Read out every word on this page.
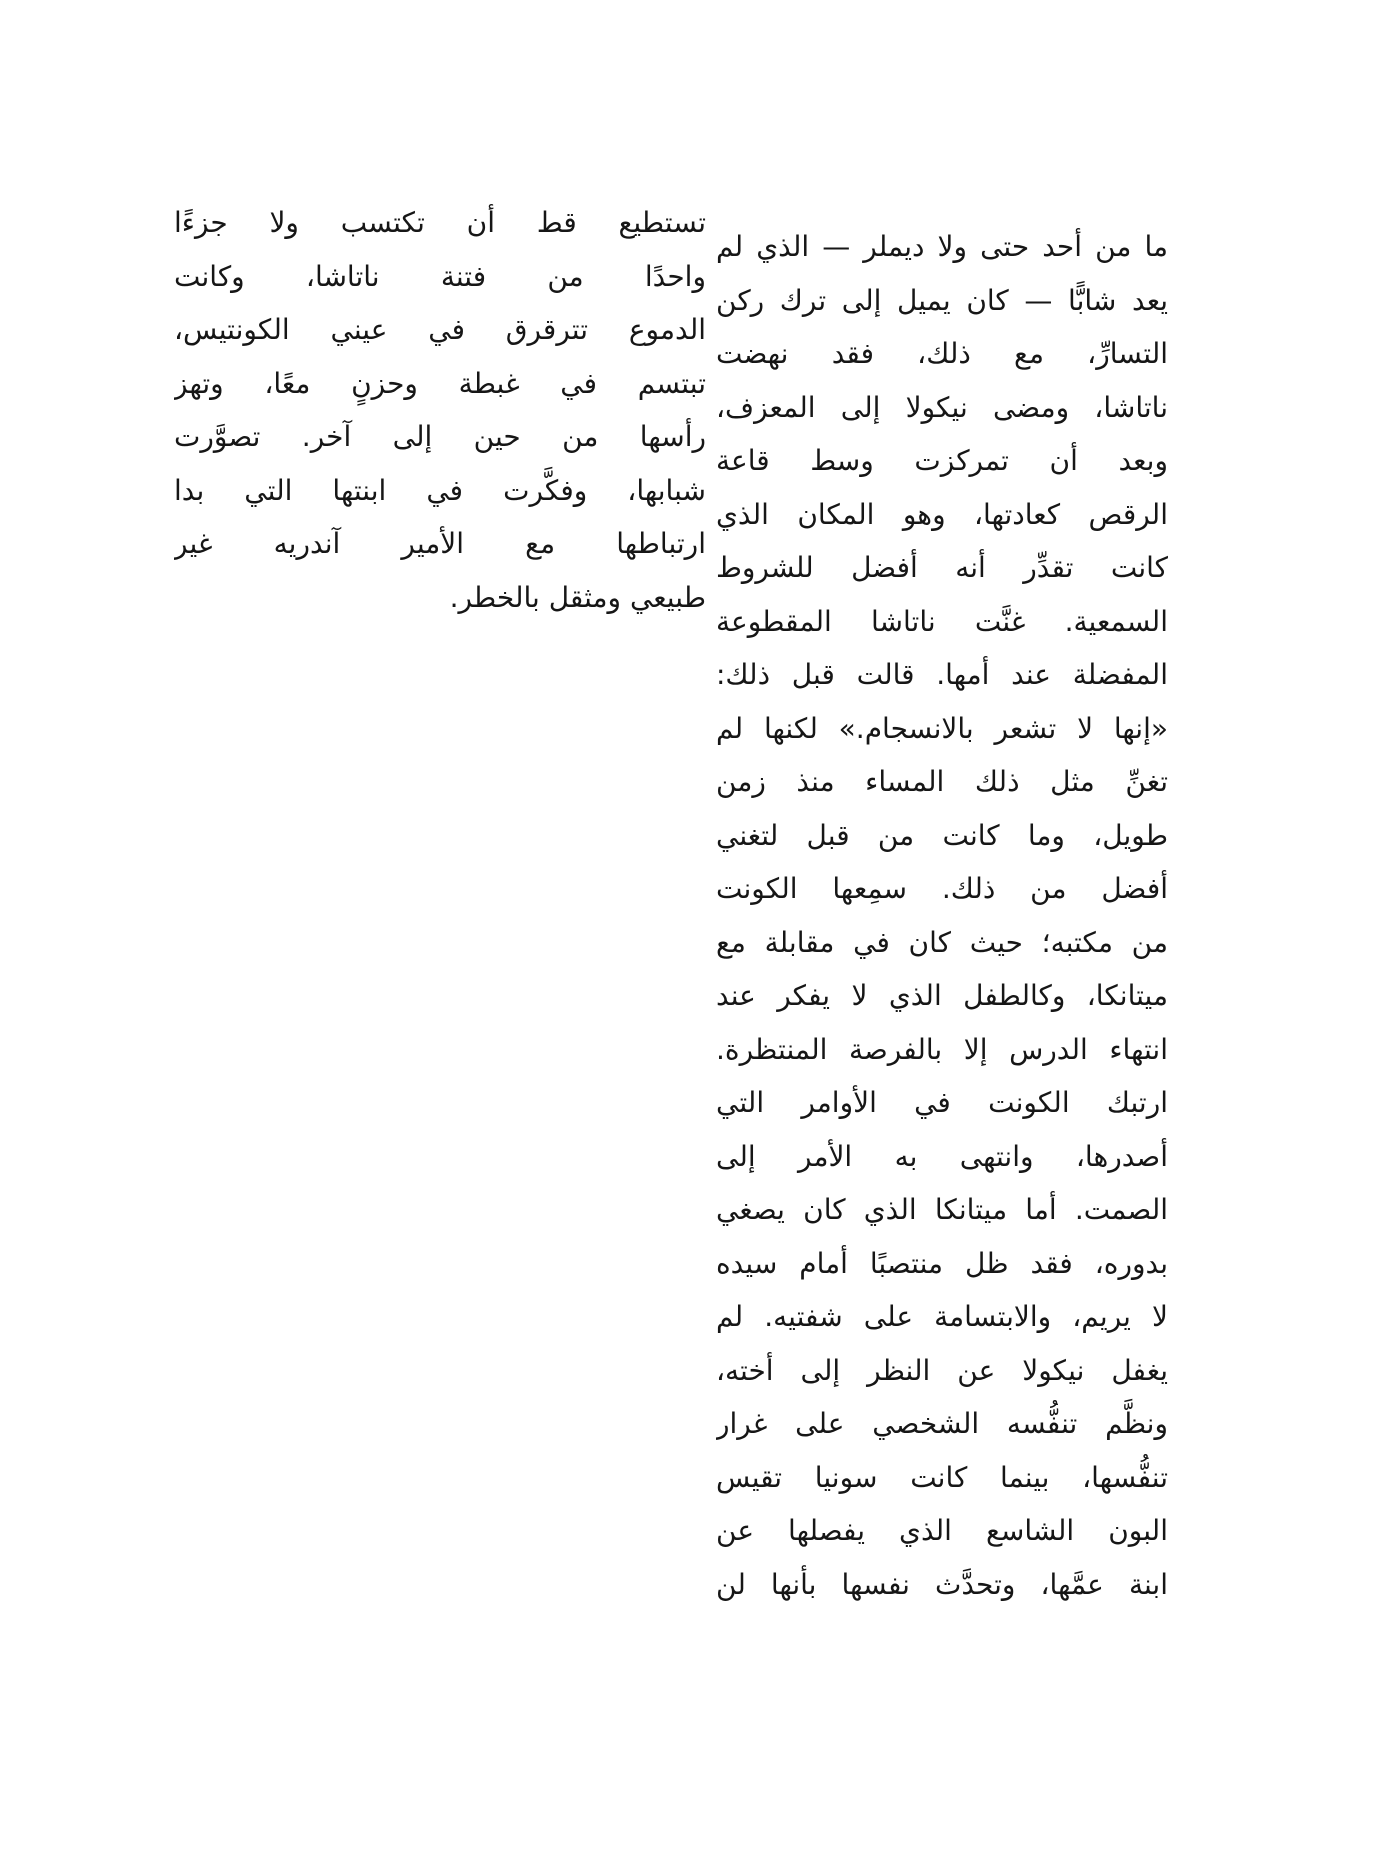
ما من أحد حتى ولا ديملر — الذي لم
يعد شابًّا — كان يميل إلى ترك ركن
التسارِّ، مع ذلك، فقد نهضت
ناتاشا، ومضى نيكولا إلى المعزف،
وبعد أن تمركزت وسط قاعة
الرقص كعادتها، وهو المكان الذي
كانت تقدِّر أنه أفضل للشروط
السمعية. غنَّت ناتاشا المقطوعة
المفضلة عند أمها. قالت قبل ذلك:
«إنها لا تشعر بالانسجام.» لكنها لم
تغنِّ مثل ذلك المساء منذ زمن
طويل، وما كانت من قبل لتغني
أفضل من ذلك. سمِعها الكونت
من مكتبه؛ حيث كان في مقابلة مع
ميتانكا، وكالطفل الذي لا يفكر عند
انتهاء الدرس إلا بالفرصة المنتظرة.
ارتبك الكونت في الأوامر التي
أصدرها، وانتهى به الأمر إلى
الصمت. أما ميتانكا الذي كان يصغي
بدوره، فقد ظل منتصبًا أمام سيده
لا يريم، والابتسامة على شفتيه. لم
يغفل نيكولا عن النظر إلى أخته،
ونظَّم تنفُّسه الشخصي على غرار
تنفُّسها، بينما كانت سونيا تقيس
البون الشاسع الذي يفصلها عن
ابنة عمَّها، وتحدَّث نفسها بأنها لن
تستطيع قط أن تكتسب ولا جزءًا
واحدًا من فتنة ناتاشا، وكانت
الدموع تترقرق في عيني الكونتيس،
تبتسم في غبطة وحزنٍ معًا، وتهز
رأسها من حين إلى آخر. تصوَّرت
شبابها، وفكَّرت في ابنتها التي بدا
ارتباطها مع الأمير آندريه غير
طبيعي ومثقل بالخطر.
